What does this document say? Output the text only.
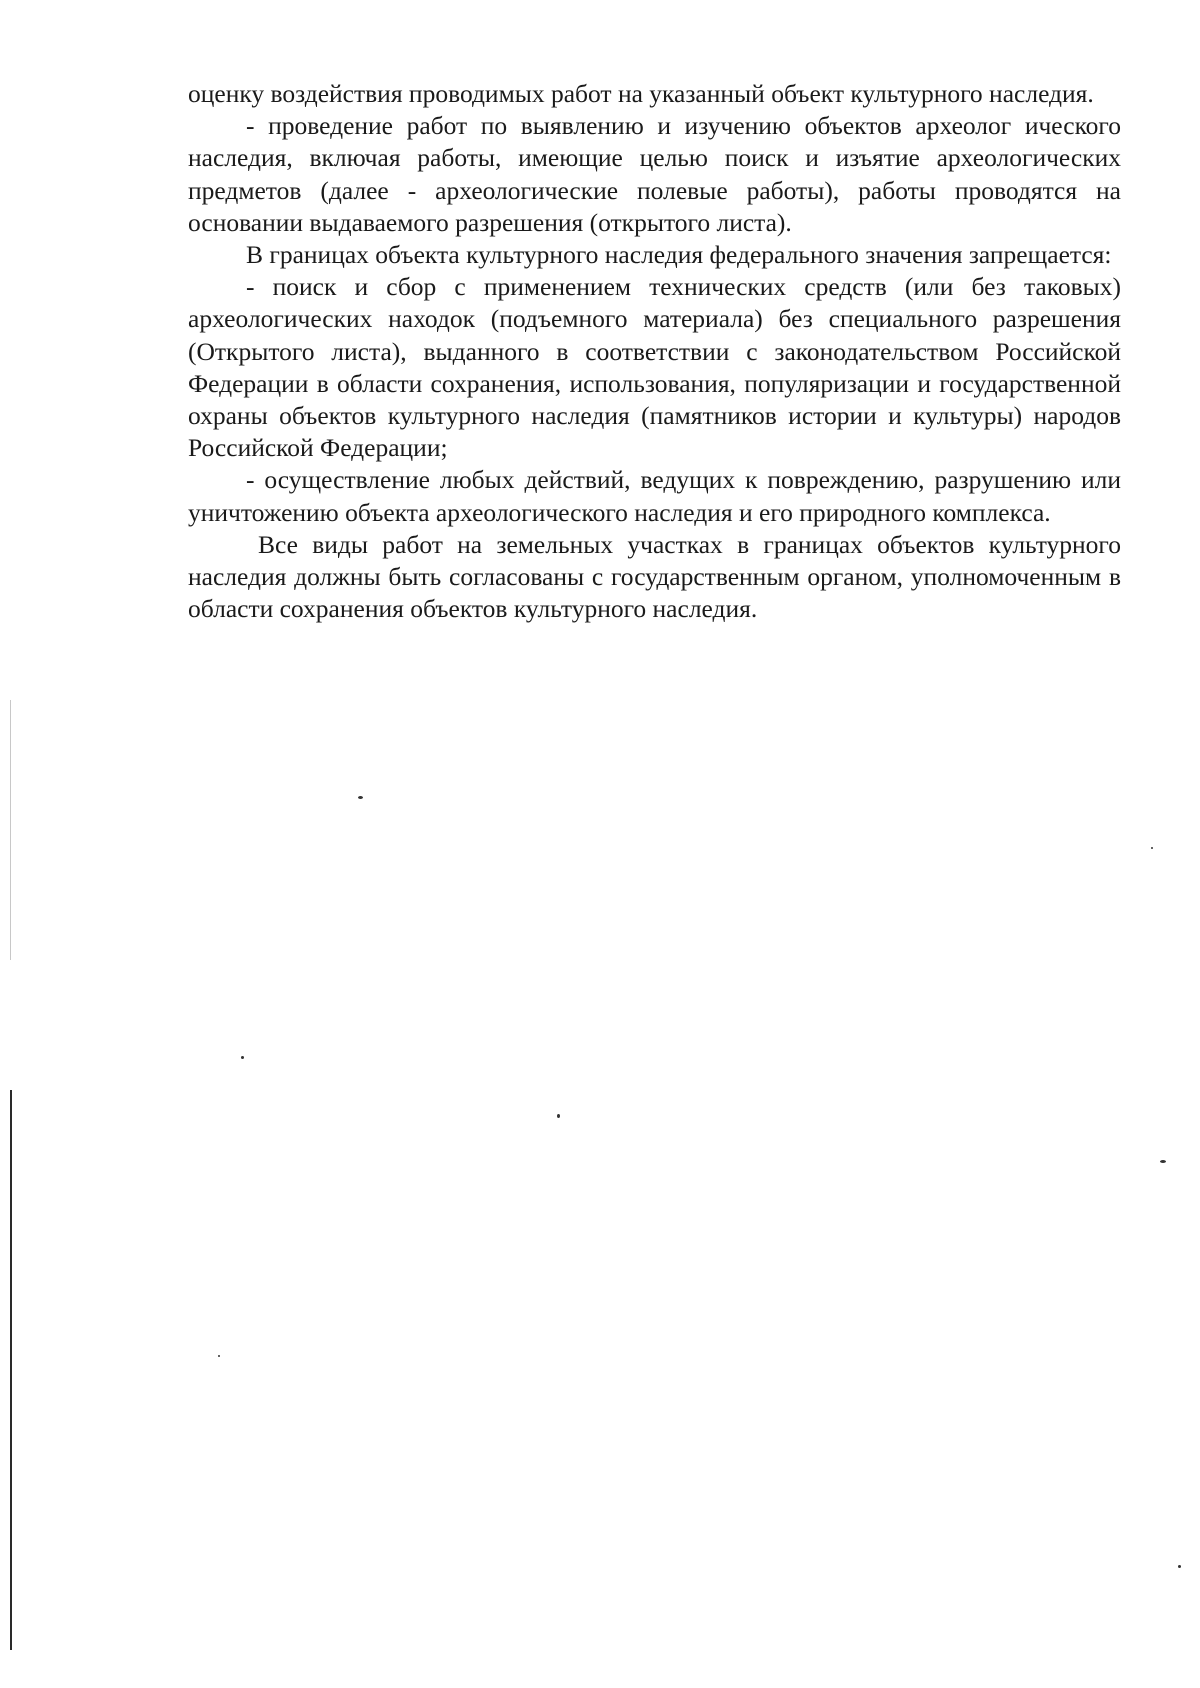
оценку воздействия проводимых работ на указанный объект культурного наследия.

- проведение работ по выявлению и изучению объектов археолог ического наследия, включая работы, имеющие целью поиск и изъятие археологических предметов (далее - археологические полевые работы), работы проводятся на основании выдаваемого разрешения (открытого листа).

В границах объекта культурного наследия федерального значения запрещается:

- поиск и сбор с применением технических средств (или без таковых) археологических находок (подъемного материала) без специального разрешения (Открытого листа), выданного в соответствии с законодательством Российской Федерации в области сохранения, использования, популяризации и государственной охраны объектов культурного наследия (памятников истории и культуры) народов Российской Федерации;

- осуществление любых действий, ведущих к повреждению, разрушению или уничтожению объекта археологического наследия и его природного комплекса.

Все виды работ на земельных участках в границах объектов культурного наследия должны быть согласованы с государственным органом, уполномоченным в области сохранения объектов культурного наследия.
